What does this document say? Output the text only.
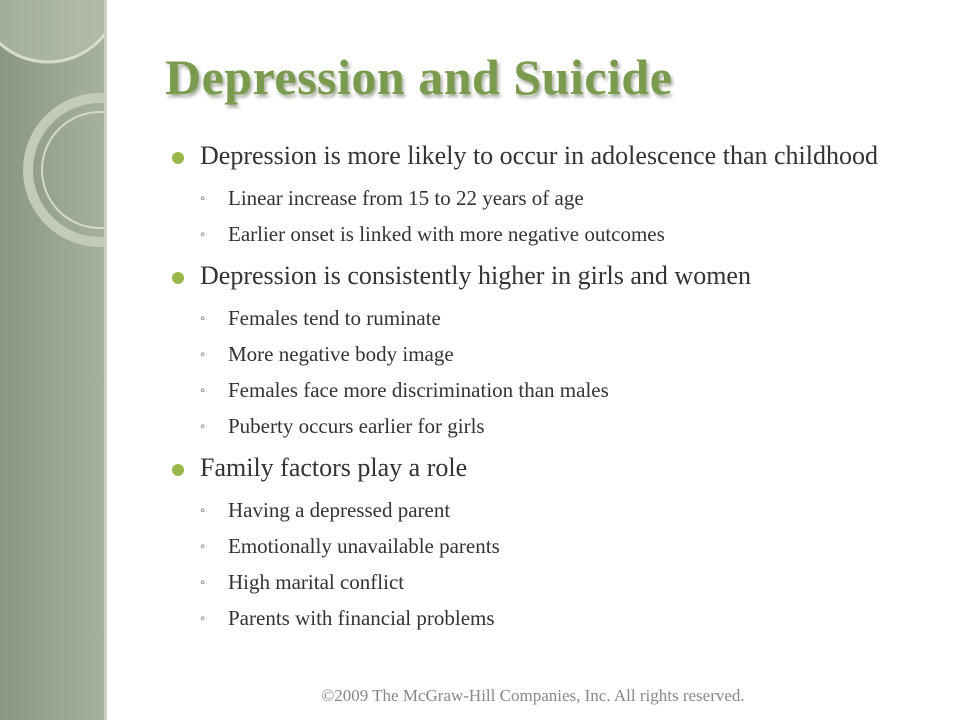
Depression and Suicide
Depression is more likely to occur in adolescence than childhood
◦ Linear increase from 15 to 22 years of age
◦ Earlier onset is linked with more negative outcomes
Depression is consistently higher in girls and women
◦ Females tend to ruminate
◦ More negative body image
◦ Females face more discrimination than males
◦ Puberty occurs earlier for girls
Family factors play a role
◦ Having a depressed parent
◦ Emotionally unavailable parents
◦ High marital conflict
◦ Parents with financial problems
©2009 The McGraw-Hill Companies, Inc. All rights reserved.
